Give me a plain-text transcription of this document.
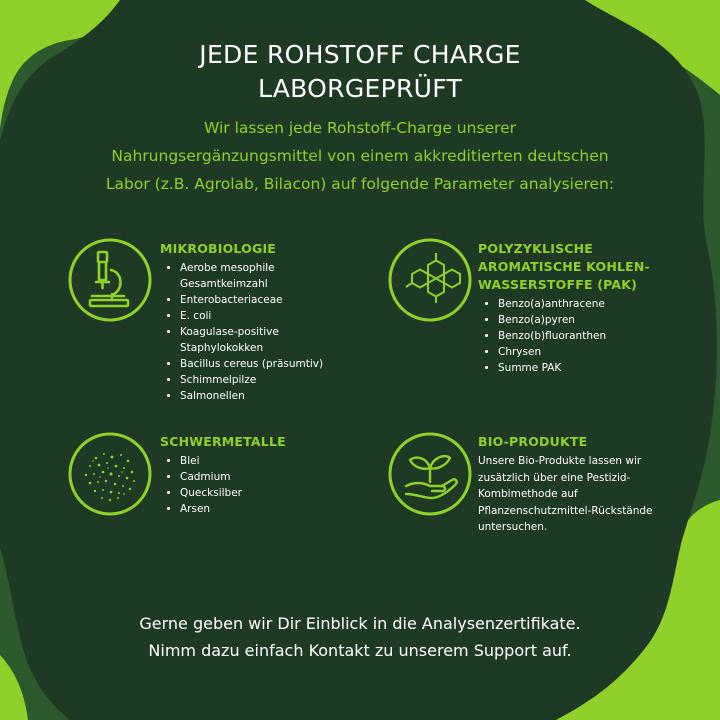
JEDE ROHSTOFF CHARGE
LABORGEPRÜFT
Wir lassen jede Rohstoff-Charge unserer
Nahrungsergänzungsmittel von einem akkreditierten deutschen
Labor (z.B. Agrolab, Bilacon) auf folgende Parameter analysieren:
MIKROBIOLOGIE
• Aerobe mesophile
Gesamtkeimzahl
• Enterobacteriaceae
• E. coli
• Koagulase-positive
Staphylokokken
• Bacillus cereus (präsumtiv)
• Schimmelpilze
• Salmonellen
POLYZYKLISCHE
AROMATISCHE KOHLEN-
WASSERSTOFFE (PAK)
• Benzo(a)anthracene
• Benzo(a)pyren
• Benzo(b)fluoranthen
• Chrysen
• Summe PAK
SCHWERMETALLE
• Blei
• Cadmium
• Quecksilber
• Arsen
BIO-PRODUKTE
Unsere Bio-Produkte lassen wir
zusätzlich über eine Pestizid-
Kombimethode auf
Pflanzenschutzmittel-Rückstände
untersuchen.
Gerne geben wir Dir Einblick in die Analysenzertifikate.
Nimm dazu einfach Kontakt zu unserem Support auf.
